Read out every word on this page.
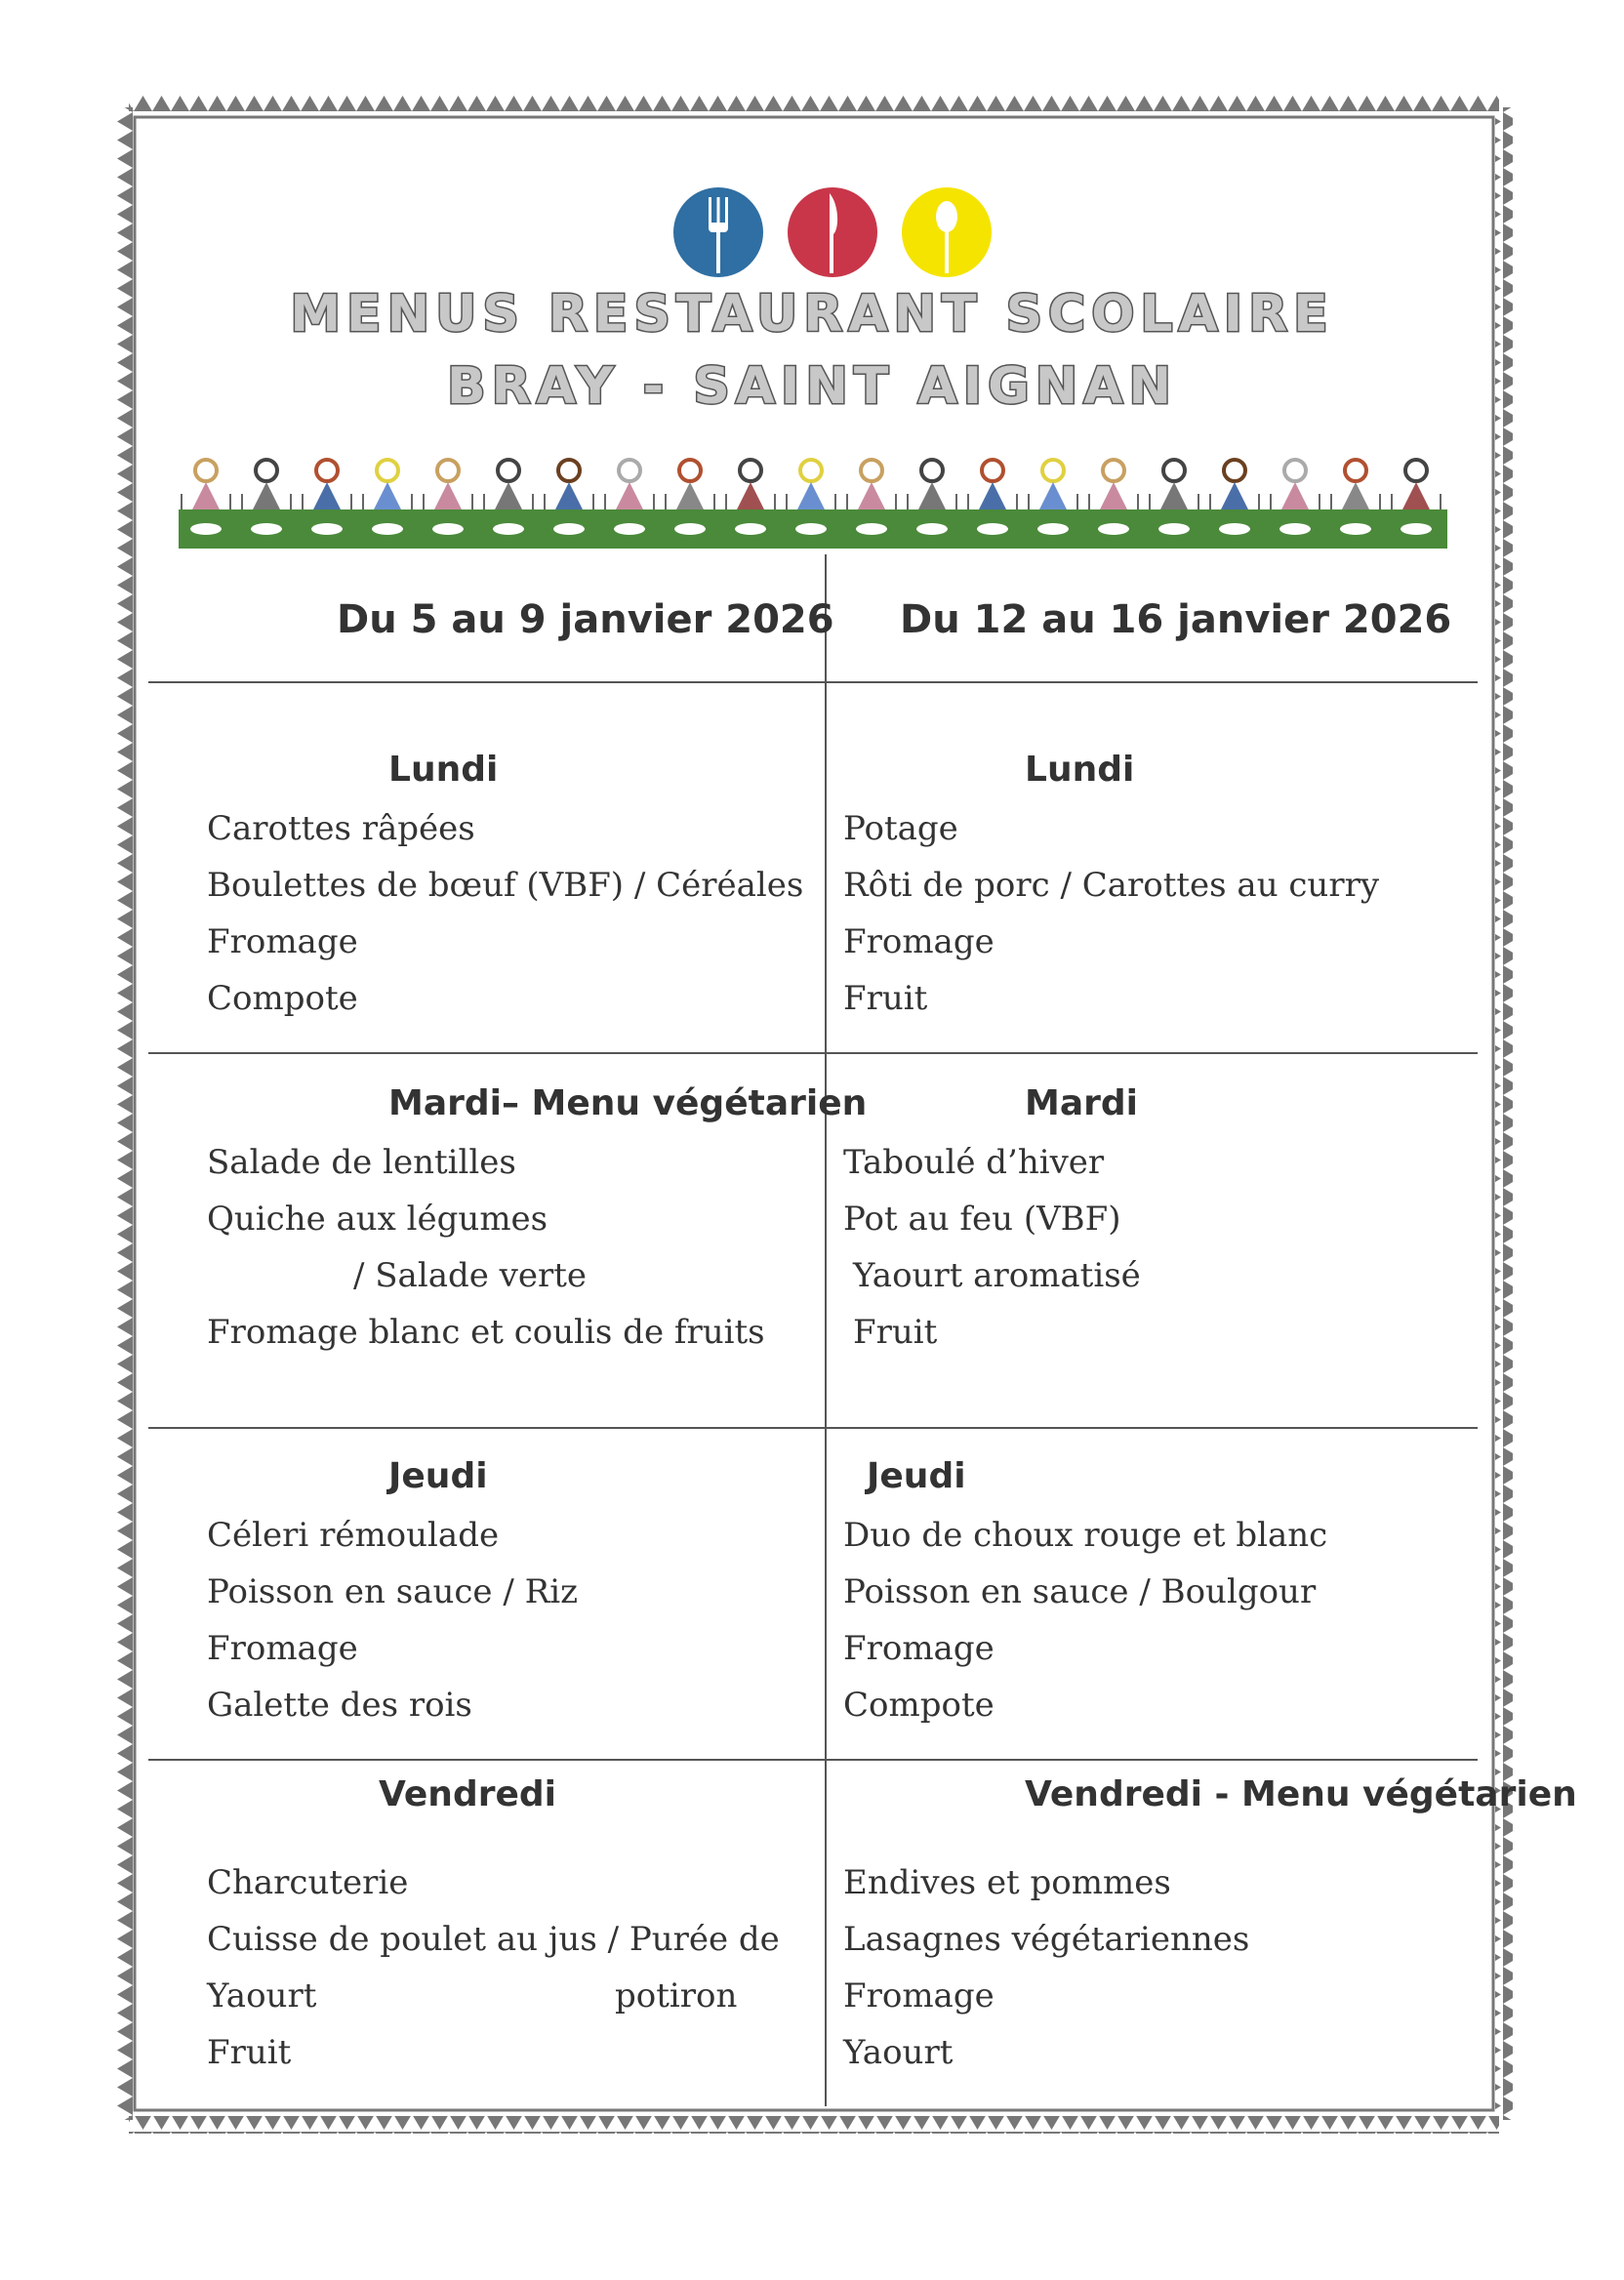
MENUS RESTAURANT SCOLAIRE
BRAY - SAINT AIGNAN
Du 5 au 9 janvier 2026 Du 12 au 16 janvier 2026
Lundi
Carottes râpées
Boulettes de bœuf (VBF) / Céréales
Fromage
Compote
Mardi– Menu végétarien
Salade de lentilles
Quiche aux légumes
/ Salade verte
Fromage blanc et coulis de fruits
Jeudi
Céleri rémoulade
Poisson en sauce / Riz
Fromage
Galette des rois
Vendredi
Charcuterie
Cuisse de poulet au jus / Purée de
Yaourt	potiron
Fruit
Lundi
Potage
Rôti de porc / Carottes au curry
Fromage
Fruit
Mardi
Taboulé d’hiver
Pot au feu (VBF)
Yaourt aromatisé
Fruit
Jeudi
Duo de choux rouge et blanc
Poisson en sauce / Boulgour
Fromage
Compote
Vendredi - Menu végétarien
Endives et pommes
Lasagnes végétariennes
Fromage
Yaourt
